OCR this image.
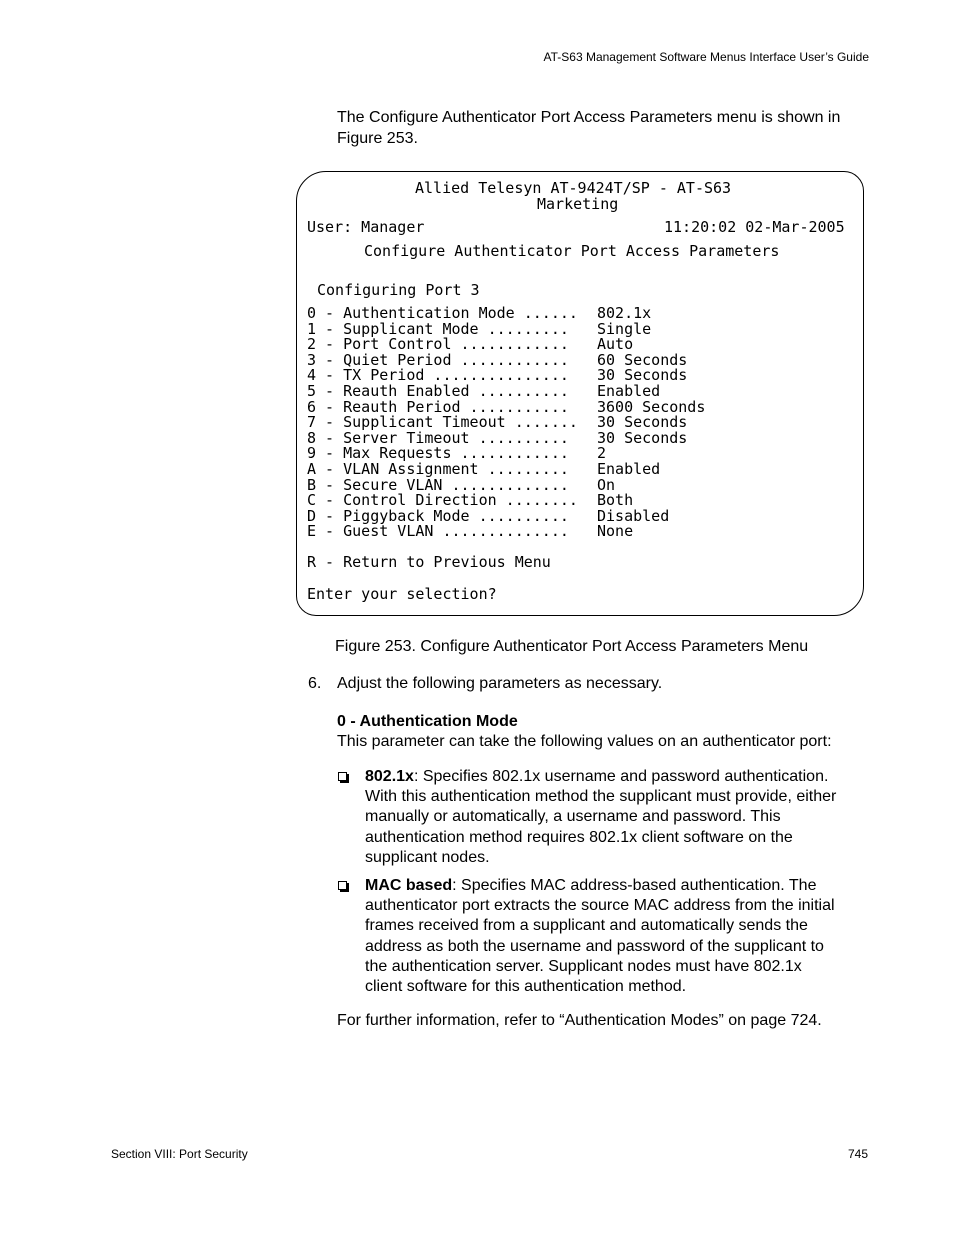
AT-S63 Management Software Menus Interface User’s Guide
The Configure Authenticator Port Access Parameters menu is shown in Figure 253.
Allied Telesyn AT-9424T/SP - AT-S63
Marketing
User: Manager	11:20:02 02-Mar-2005
Configure Authenticator Port Access Parameters
Configuring Port 3
0 - Authentication Mode ...... 802.1x
1 - Supplicant Mode ......... Single
2 - Port Control ............ Auto
3 - Quiet Period ............ 60 Seconds
4 - TX Period ............... 30 Seconds
5 - Reauth Enabled .......... Enabled
6 - Reauth Period ........... 3600 Seconds
7 - Supplicant Timeout ....... 30 Seconds
8 - Server Timeout .......... 30 Seconds
9 - Max Requests ............ 2
A - VLAN Assignment ......... Enabled
B - Secure VLAN ............. On
C - Control Direction ........ Both
D - Piggyback Mode .......... Disabled
E - Guest VLAN .............. None
R - Return to Previous Menu
Enter your selection?
Figure 253. Configure Authenticator Port Access Parameters Menu
6. Adjust the following parameters as necessary.
0 - Authentication Mode
This parameter can take the following values on an authenticator port:
802.1x: Specifies 802.1x username and password authentication.
With this authentication method the supplicant must provide, either
manually or automatically, a username and password. This
authentication method requires 802.1x client software on the
supplicant nodes.
MAC based: Specifies MAC address-based authentication. The
authenticator port extracts the source MAC address from the initial
frames received from a supplicant and automatically sends the
address as both the username and password of the supplicant to
the authentication server. Supplicant nodes must have 802.1x
client software for this authentication method.
For further information, refer to “Authentication Modes” on page 724.
Section VIII: Port Security	745
